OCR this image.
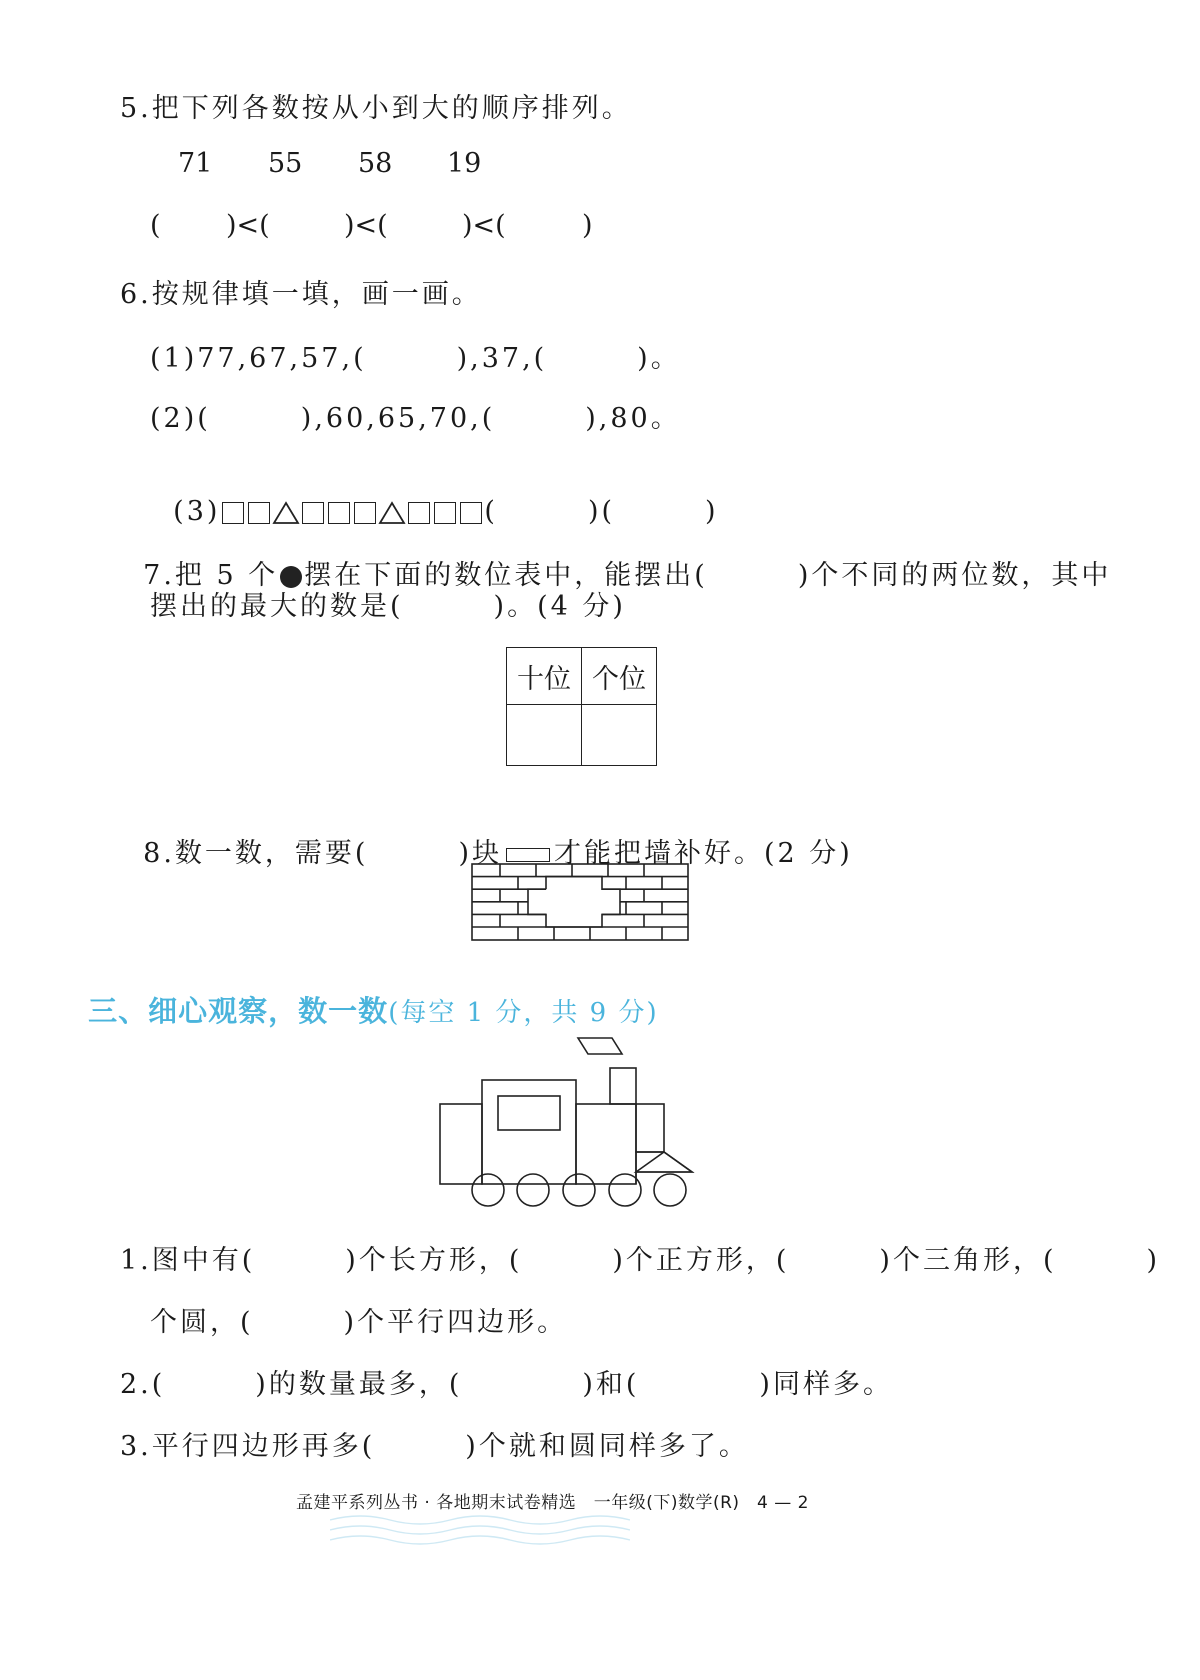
5.把下列各数按从小到大的顺序排列。
71 55 58 19
( )<(	)<(	)<(	)
6.按规律填一填，画一画。
(1)77,67,57,(　　　),37,(　　　)。
(2)(　　　),60,65,70,(　　　),80。

(3)	(　　　)(　　　)

7.把 5 个 摆在下面的数位表中，能摆出(　　　)个不同的两位数，其中

摆出的最大的数是(　　　)。(4 分)
十位	个位

8.数一数，需要(　　　)块 才能把墙补好。(2 分)

三、细心观察，数一数(每空 1 分，共 9 分)

1.图中有(　　　)个长方形，(　　　)个正方形，(　　　)个三角形，(　　　)
个圆，(　　　)个平行四边形。
2.(　　　)的数量最多，(　　　　)和(　　　　)同样多。
3.平行四边形再多(　　　)个就和圆同样多了。
孟建平系列丛书 · 各地期末试卷精选　一年级(下)数学(R)　4 — 2
